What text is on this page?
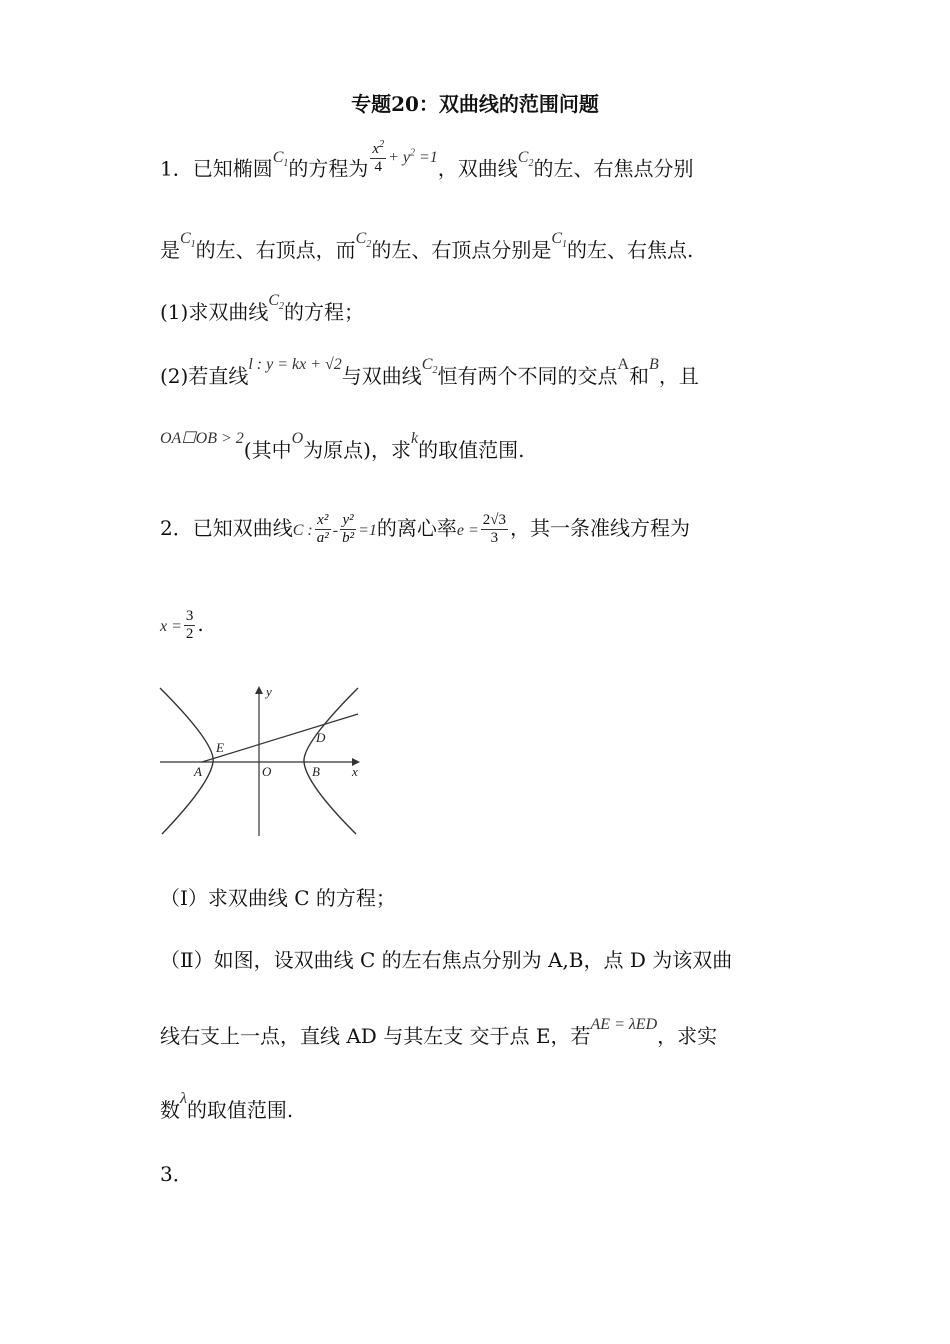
专题20：双曲线的范围问题
1．已知椭圆$^{C_1}$的方程为 $\frac{x^2}{4} ^{+ y^2 =1}$，双曲线$^{C_2}$的左、右焦点分别
是$^{C_1}$的左、右顶点，而$^{C_2}$的左、右顶点分别是$^{C_1}$的左、右焦点.
(1)求双曲线$^{C_2}$的方程；
(2)若直线$^{l : y = kx + √2}$与双曲线$^{C_2}$恒有两个不同的交点$^A$和$^B$，且
$^{OA☐OB > 2}$(其中$^O$为原点)，求$^k$的取值范围.
2．已知双曲线C : $\frac{\text{x²}}{\text{a²}} - \frac{\text{y²}}{\text{b²}} =1$的离心率$e = \frac{2√3}{3}$ ，其一条准线方程为
$x = \frac{3}{2}$ .
y
x
E
D
A	O	B
（Ⅰ）求双曲线 C 的方程；
（Ⅱ）如图，设双曲线 C 的左右焦点分别为 A,B，点 D 为该双曲
线右支上一点，直线 AD 与其左支 交于点 E，若$^{AE = \lambda ED}$，求实
数$^\lambda$的取值范围.
3．
